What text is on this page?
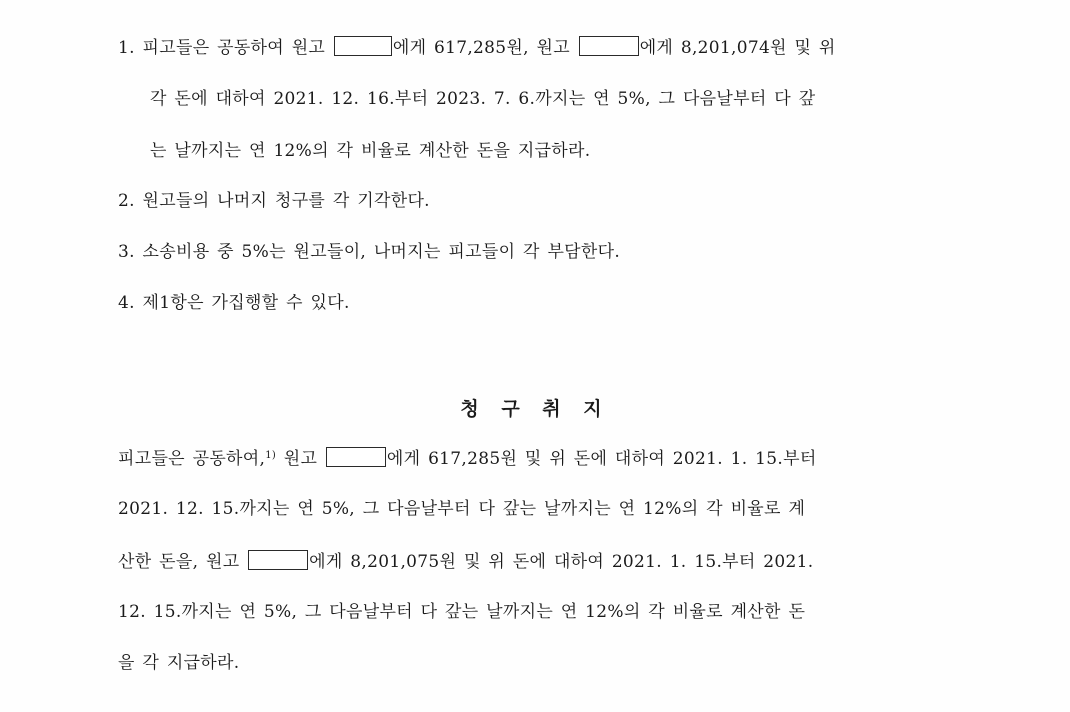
1. 피고들은 공동하여 원고	에게 617,285원, 원고	에게 8,201,074원 및 위
각 돈에 대하여 2021. 12. 16.부터 2023. 7. 6.까지는 연 5%, 그 다음날부터 다 갚
는 날까지는 연 12%의 각 비율로 계산한 돈을 지급하라.
2. 원고들의 나머지 청구를 각 기각한다.
3. 소송비용 중 5%는 원고들이, 나머지는 피고들이 각 부담한다.
4. 제1항은 가집행할 수 있다.
청 구 취 지
피고들은 공동하여,$^{1)}$ 원고	에게 617,285원 및 위 돈에 대하여 2021. 1. 15.부터
2021. 12. 15.까지는 연 5%, 그 다음날부터 다 갚는 날까지는 연 12%의 각 비율로 계
산한 돈을, 원고	에게 8,201,075원 및 위 돈에 대하여 2021. 1. 15.부터 2021.
12. 15.까지는 연 5%, 그 다음날부터 다 갚는 날까지는 연 12%의 각 비율로 계산한 돈
을 각 지급하라.
